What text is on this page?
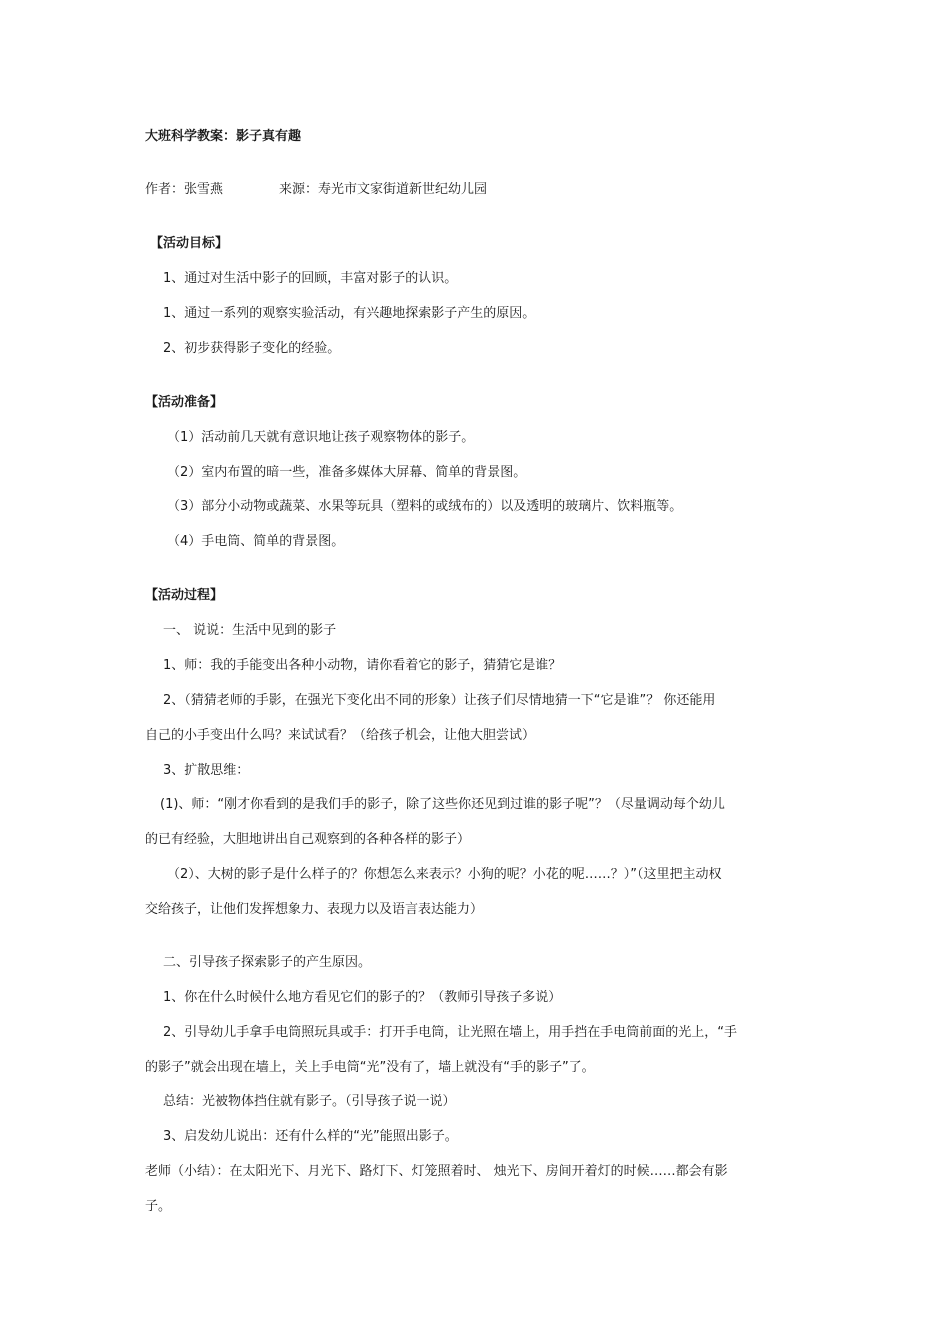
大班科学教案：影子真有趣
作者：张雪燕	来源：寿光市文家街道新世纪幼儿园
【活动目标】
1、通过对生活中影子的回顾，丰富对影子的认识。
1、通过一系列的观察实验活动，有兴趣地探索影子产生的原因。
2、初步获得影子变化的经验。
【活动准备】
（1）活动前几天就有意识地让孩子观察物体的影子。
（2）室内布置的暗一些，准备多媒体大屏幕、简单的背景图。
（3）部分小动物或蔬菜、水果等玩具（塑料的或绒布的）以及透明的玻璃片、饮料瓶等。
（4）手电筒、简单的背景图。
【活动过程】
一、 说说：生活中见到的影子
1、师：我的手能变出各种小动物，请你看着它的影子，猜猜它是谁？
2、（猜猜老师的手影，在强光下变化出不同的形象）让孩子们尽情地猜一下“它是谁”？ 你还能用
自己的小手变出什么吗？来试试看？（给孩子机会，让他大胆尝试）
3、扩散思维：
(1)、师：“刚才你看到的是我们手的影子，除了这些你还见到过谁的影子呢”？（尽量调动每个幼儿
的已有经验，大胆地讲出自己观察到的各种各样的影子）
（2）、大树的影子是什么样子的？你想怎么来表示？小狗的呢？小花的呢……？）”（这里把主动权
交给孩子，让他们发挥想象力、表现力以及语言表达能力）
二、引导孩子探索影子的产生原因。
1、你在什么时候什么地方看见它们的影子的？（教师引导孩子多说）
2、引导幼儿手拿手电筒照玩具或手：打开手电筒，让光照在墙上，用手挡在手电筒前面的光上，“手
的影子”就会出现在墙上，关上手电筒“光”没有了，墙上就没有“手的影子”了。
总结：光被物体挡住就有影子。（引导孩子说一说）
3、启发幼儿说出：还有什么样的“光”能照出影子。
老师（小结）：在太阳光下、月光下、路灯下、灯笼照着时、 烛光下、房间开着灯的时候……都会有影
子。
